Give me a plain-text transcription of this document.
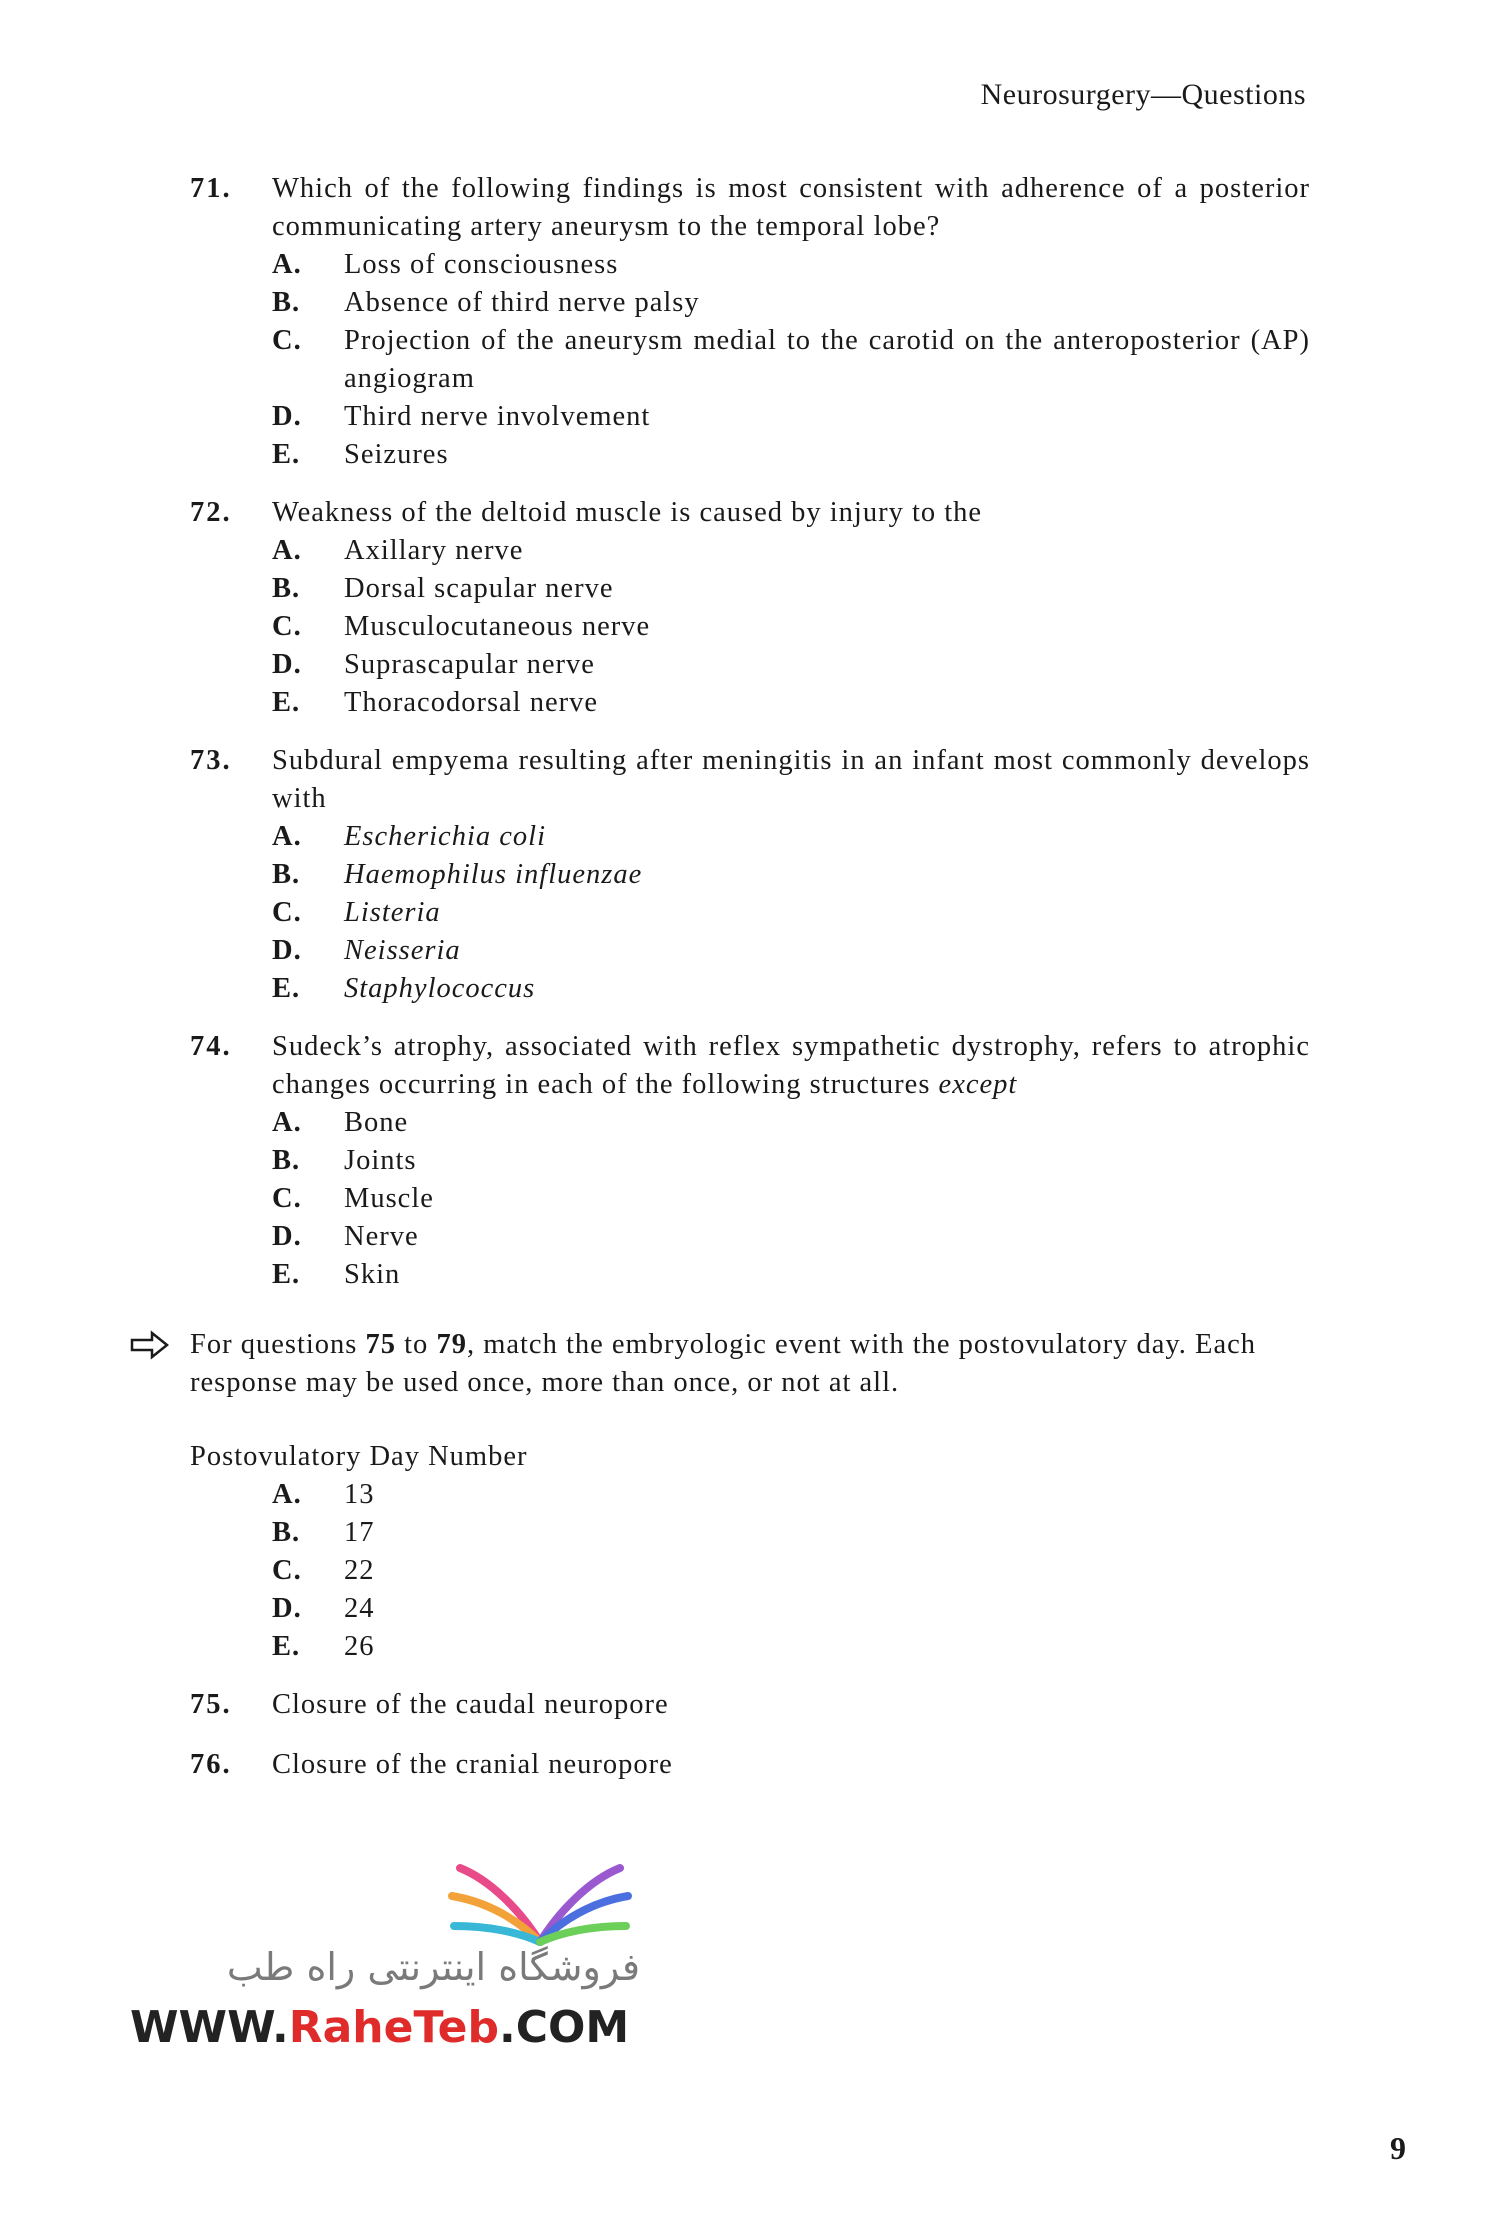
Neurosurgery—Questions
71. Which of the following findings is most consistent with adherence of a posterior communicating artery aneurysm to the temporal lobe?
A. Loss of consciousness
B. Absence of third nerve palsy
C. Projection of the aneurysm medial to the carotid on the anteroposterior (AP) angiogram
D. Third nerve involvement
E. Seizures
72. Weakness of the deltoid muscle is caused by injury to the
A. Axillary nerve
B. Dorsal scapular nerve
C. Musculocutaneous nerve
D. Suprascapular nerve
E. Thoracodorsal nerve
73. Subdural empyema resulting after meningitis in an infant most commonly develops with
A. Escherichia coli
B. Haemophilus influenzae
C. Listeria
D. Neisseria
E. Staphylococcus
74. Sudeck’s atrophy, associated with reflex sympathetic dystrophy, refers to atrophic changes occurring in each of the following structures except
A. Bone
B. Joints
C. Muscle
D. Nerve
E. Skin
For questions 75 to 79, match the embryologic event with the postovulatory day. Each response may be used once, more than once, or not at all.
Postovulatory Day Number
A. 13
B. 17
C. 22
D. 24
E. 26
75. Closure of the caudal neuropore
76. Closure of the cranial neuropore
فروشگاه اینترنتی راه طب
WWW.RaheTeb.COM
9
